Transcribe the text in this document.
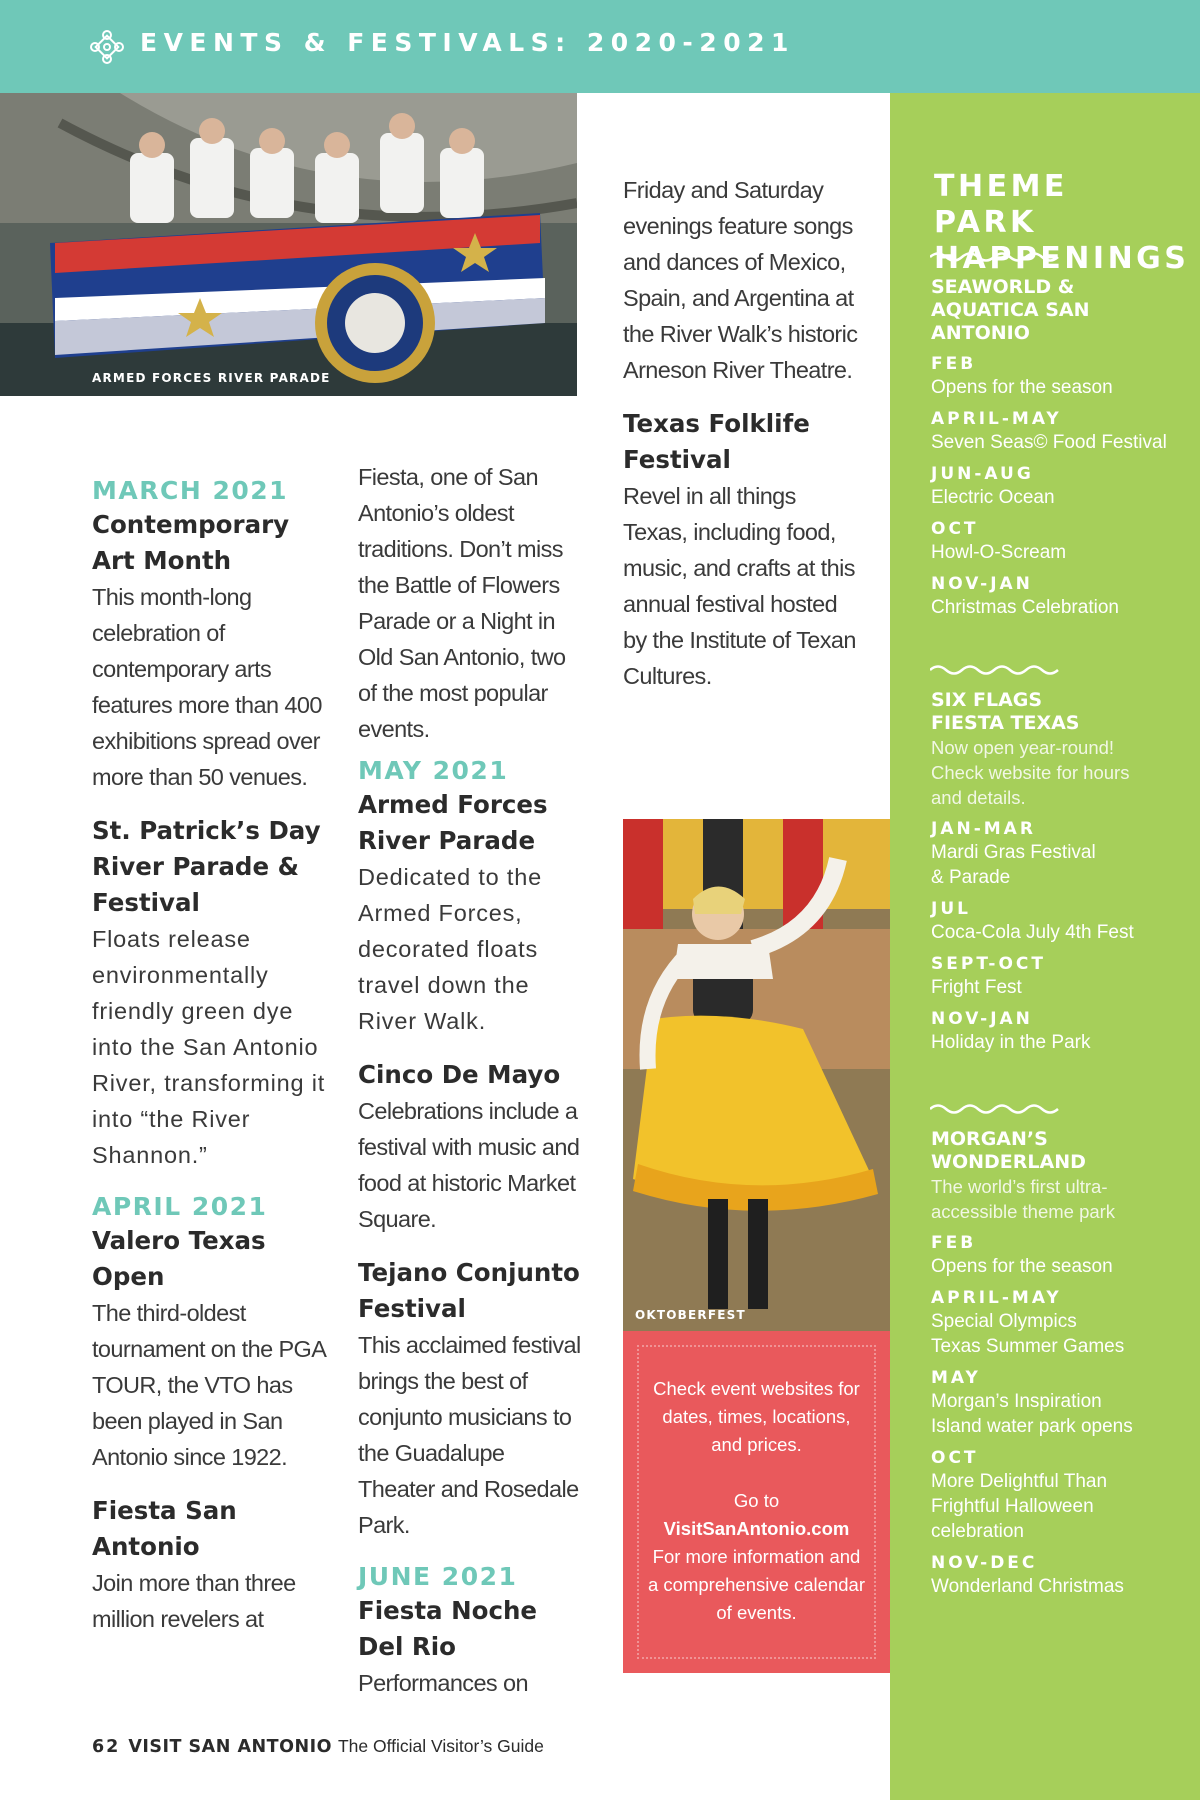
EVENTS & FESTIVALS: 2020-2021
ARMED FORCES RIVER PARADE
OKTOBERFEST
MARCH 2021
Contemporary Art Month
This month-long celebration of contemporary arts features more than 400 exhibitions spread over more than 50 venues.
St. Patrick’s Day River Parade & Festival
Floats release environmentally friendly green dye into the San Antonio River, transforming it into “the River Shannon.”
APRIL 2021
Valero Texas Open
The third-oldest tournament on the PGA TOUR, the VTO has been played in San Antonio since 1922.
Fiesta San Antonio
Join more than three million revelers at
Fiesta, one of San Antonio’s oldest traditions. Don’t miss the Battle of Flowers Parade or a Night in Old San Antonio, two of the most popular events.
MAY 2021
Armed Forces River Parade
Dedicated to the Armed Forces, decorated floats travel down the River Walk.
Cinco De Mayo
Celebrations include a festival with music and food at historic Market Square.
Tejano Conjunto Festival
This acclaimed festival brings the best of conjunto musicians to the Guadalupe Theater and Rosedale Park.
JUNE 2021
Fiesta Noche Del Rio
Performances on
Friday and Saturday evenings feature songs and dances of Mexico, Spain, and Argentina at the River Walk’s historic Arneson River Theatre.
Texas Folklife Festival
Revel in all things Texas, including food, music, and crafts at this annual festival hosted by the Institute of Texan Cultures.
Check event websites for dates, times, locations, and prices.
Go to
VisitSanAntonio.com
For more information and a comprehensive calendar of events.
THEME PARK HAPPENINGS
SEAWORLD & AQUATICA SAN ANTONIO
FEB
Opens for the season
APRIL-MAY
Seven Seas© Food Festival
JUN-AUG
Electric Ocean
OCT
Howl-O-Scream
NOV-JAN
Christmas Celebration
SIX FLAGS FIESTA TEXAS
Now open year-round! Check website for hours and details.
JAN-MAR
Mardi Gras Festival & Parade
JUL
Coca-Cola July 4th Fest
SEPT-OCT
Fright Fest
NOV-JAN
Holiday in the Park
MORGAN’S WONDERLAND
The world’s first ultra-accessible theme park
FEB
Opens for the season
APRIL-MAY
Special Olympics Texas Summer Games
MAY
Morgan’s Inspiration Island water park opens
OCT
More Delightful Than Frightful Halloween celebration
NOV-DEC
Wonderland Christmas
62 VISIT SAN ANTONIO The Official Visitor’s Guide
